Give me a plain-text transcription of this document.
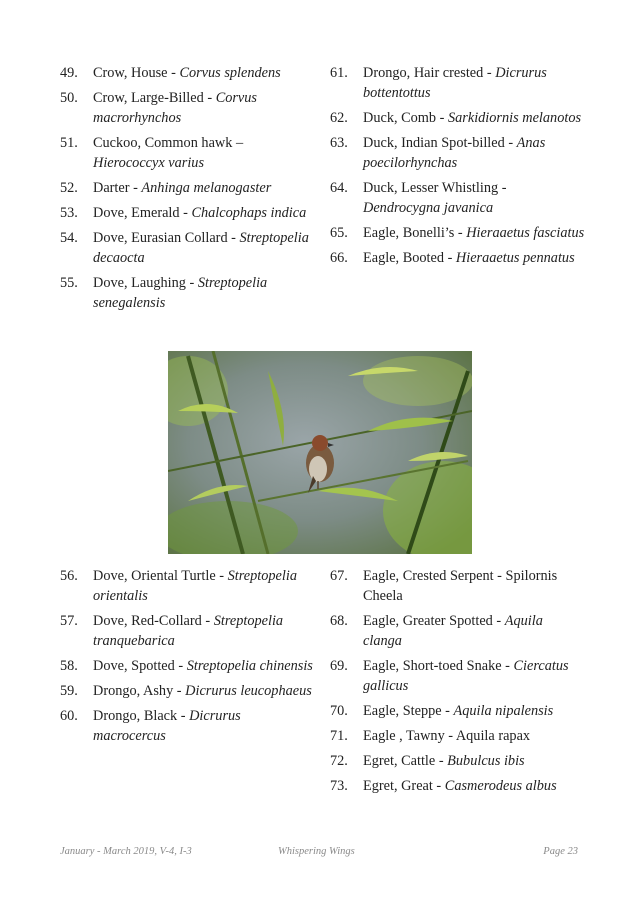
49. Crow, House - Corvus splendens
50. Crow, Large-Billed - Corvus macrorhynchos
51. Cuckoo, Common hawk – Hierococcyx varius
52. Darter - Anhinga melanogaster
53. Dove, Emerald - Chalcophaps indica
54. Dove, Eurasian Collard - Streptopelia decaocta
55. Dove, Laughing - Streptopelia senegalensis
61. Drongo, Hair crested - Dicrurus bottentottus
62. Duck, Comb - Sarkidiornis melanotos
63. Duck, Indian Spot-billed - Anas poecilorhynchas
64. Duck, Lesser Whistling - Dendrocygna javanica
65. Eagle, Bonelli’s - Hieraaetus fasciatus
66. Eagle, Booted - Hieraaetus pennatus
56. Dove, Oriental Turtle - Streptopelia orientalis
57. Dove, Red-Collard - Streptopelia tranquebarica
58. Dove, Spotted - Streptopelia chinensis
59. Drongo, Ashy - Dicrurus leucophaeus
60. Drongo, Black - Dicrurus macrocercus
67. Eagle, Crested Serpent - Spilornis Cheela
68. Eagle, Greater Spotted - Aquila clanga
69. Eagle, Short-toed Snake - Ciercatus gallicus
70. Eagle, Steppe - Aquila nipalensis
71. Eagle , Tawny - Aquila rapax
72. Egret, Cattle - Bubulcus ibis
73. Egret, Great - Casmerodeus albus
January - March 2019, V-4, I-3	Whispering Wings	Page 23
